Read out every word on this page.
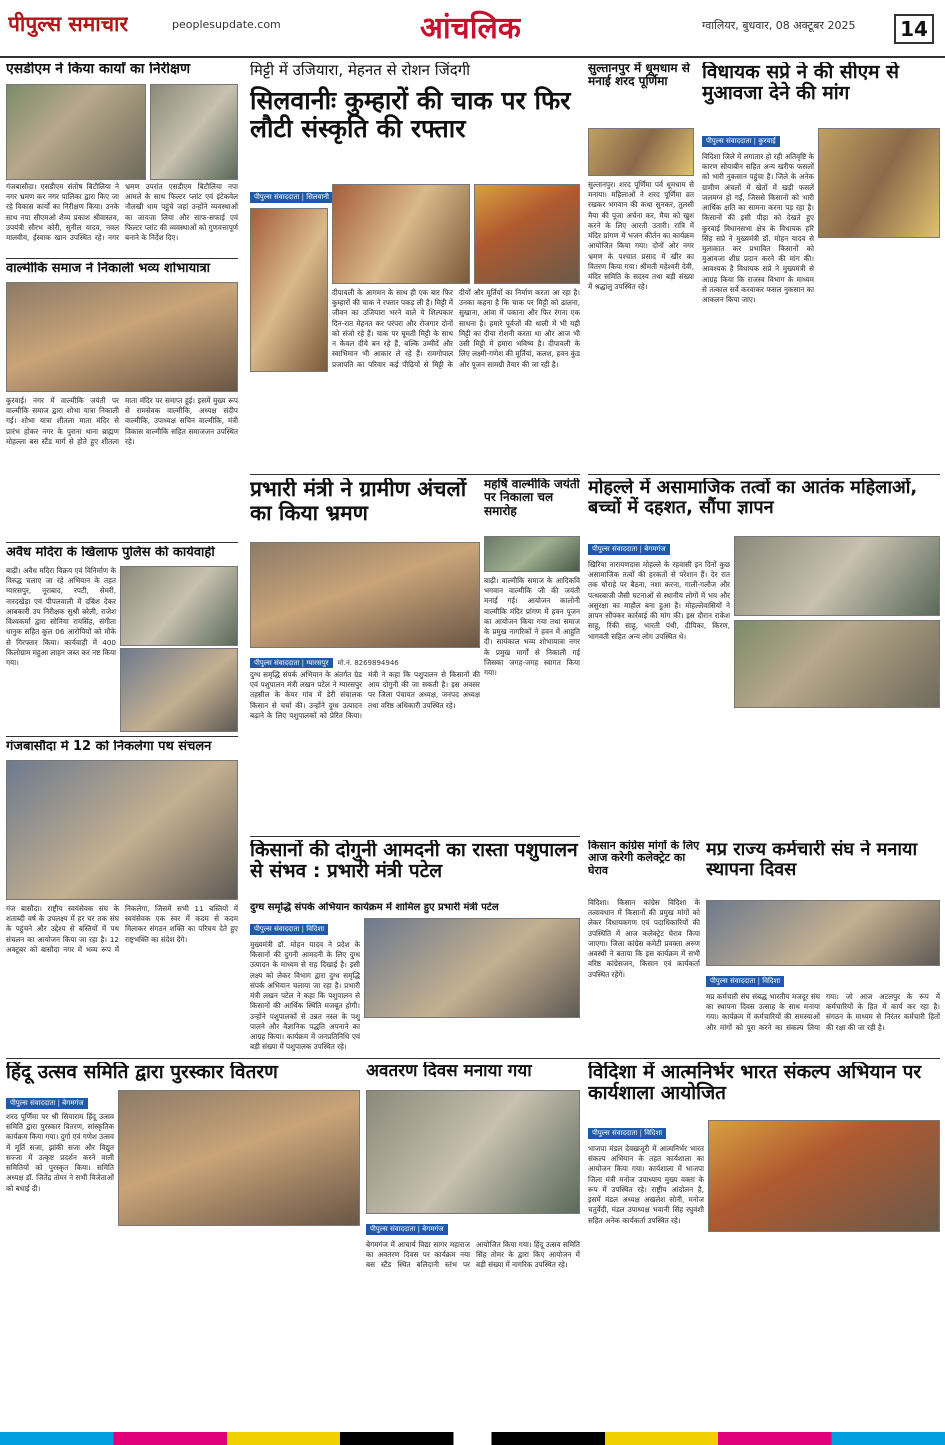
पीपुल्स समाचार	peoplesupdate.com	आंचलिक	ग्वालियर, बुधवार, 08 अक्टूबर 2025	14
एसडीएम ने किया कार्यों का निरीक्षण
गंजबासौदा। एसडीएम संतोष बिटौलिया ने नगर भ्रमण कर नगर पालिका द्वारा किए जा रहे विकास कार्यों का निरीक्षण किया। उनके साथ नपा सीएमओ शैव्य प्रकाश श्रीवास्तव, उपयंत्री सौरभ कोरी, सुनील यादव, नवल मालवीय, ईस्वाक खान उपस्थित रहे। नगर भ्रमण उपरांत एसडीएम बिटौलिया नपा आमले के साथ फिल्टर प्लांट एवं इंटेकवेल नौलखी धाम पहुंचे जहां उन्होंने व्यवस्थाओं का जायजा लिया और साफ-सफाई एवं फिल्टर प्लांट की व्यवस्थाओं को गुणवत्तापूर्ण बनाने के निर्देश दिए।
वाल्मीकि समाज ने निकाली भव्य शोभायात्रा
कुरवाई। नगर में वाल्मीकि जयंती पर वाल्मीकि समाज द्वारा शोभा यात्रा निकाली गई। शोभा यात्रा शीतला माता मंदिर से प्रारंभ होकर नगर के पुराना थाना ब्राह्मण मोहल्ला बस स्टैंड मार्ग से होते हुए शीतला माता मंदिर पर समाप्त हुई। इसमें मुख्य रूप से रामसेवक वाल्मीकि, अध्यक्ष संदीप वाल्मीकि, उपाध्यक्ष सचिन वाल्मीकि, मंत्री विकास वाल्मीकि सहित समाजजन उपस्थित रहे।
अवैध मदिरा के खिलाफ पुलिस की कार्यवाही
बाढ़ी। अवैध मदिरा विक्रय एवं विनिर्माण के विरुद्ध चलाए जा रहे अभियान के तहत ग्यारसपुर, नूराबाद, रपटी, सेमरी, नारदखेड़ा एवं पीपलवाली में दबिश देकर आबकारी उप निरीक्षक सुश्री बरेली, राजेश विश्वकर्मा द्वारा सोनिया रायसिंह, संगीता धानुक सहित कुल 06 आरोपियों को मौके से गिरफ्तार किया। कार्यवाही में 400 किलोग्राम महुआ लाहन जब्त कर नष्ट किया गया।
गंजबासौदा में 12 को निकलेगा पथ संचलन
गंज बासौदा। राष्ट्रीय स्वयंसेवक संघ के शताब्दी वर्ष के उपलक्ष्य में हर घर तक संघ के पहुंचने और उद्देश्य से बस्तियों में पथ संचलन का आयोजन किया जा रहा है। 12 अक्टूबर को बासौदा नगर में भव्य रूप में निकलेगा, जिसमें सभी 11 बस्तियों में स्वयंसेवक एक स्वर में कदम से कदम मिलाकर संगठन शक्ति का परिचय देते हुए राष्ट्रभक्ति का संदेश देंगे।
मिट्टी में उजियारा, मेहनत से रोशन जिंदगी
सिलवानीः कुम्हारों की चाक पर फिर लौटी संस्कृति की रफ्तार
पीपुल्स संवाददाता | सिलवानी

दीपावली के आगमन के साथ ही एक बार फिर कुम्हारों की चाक ने रफ्तार पकड़ ली है। मिट्टी में जीवन का उजियारा भरने वाले ये शिल्पकार दिन-रात मेहनत कर परंपरा और रोजगार दोनों को संजो रहे हैं। चाक पर घूमती मिट्टी के साथ न केवल दीये बन रहे हैं, बल्कि उम्मीदें और स्वाभिमान भी आकार ले रहे हैं। रामगोपाल प्रजापति का परिवार कई पीढ़ियों से मिट्टी के दीयों और मूर्तियों का निर्माण करता आ रहा है। उनका कहना है कि चाक पर मिट्टी को ढालना, सुखाना, आंवा में पकाना और फिर रंगना एक साधना है। हमारे पूर्वजों की थाली में भी यही मिट्टी का दीया रोशनी करता था और आज भी उसी मिट्टी में हमारा भविष्य है। दीपावली के लिए लक्ष्मी-गणेश की मूर्तियां, कलश, हवन कुंड और पूजन सामग्री तैयार की जा रही है।
सुल्तानपुर में धूमधाम से मनाई शरद पूर्णिमा
सुल्तानपुर। शरद पूर्णिमा पर्व धूमधाम से मनाया। महिलाओं ने शरद पूर्णिमा व्रत रखकर भगवान की कथा सुनकर, तुलसी मैया की पूजा अर्चना कर, मैया को खुश करने के लिए आरती उतारी। रात्रि में मंदिर प्रांगण में भजन कीर्तन का कार्यक्रम आयोजित किया गया। दोनों ओर नगर भ्रमण के पश्चात प्रसाद में खीर का वितरण किया गया। श्रीमती महेश्वरी देवी, मंदिर समिति के सदस्य तथा बड़ी संख्या में श्रद्धालु उपस्थित रहे।
विधायक सप्रे ने की सीएम से मुआवजा देने की मांग
पीपुल्स संवाददाता | कुरवाई

विदिशा जिले में लगातार हो रही अतिवृष्टि के कारण सोयाबीन सहित अन्य खरीफ फसलों को भारी नुकसान पहुंचा है। जिले के अनेक ग्रामीण अंचलों में खेतों में खड़ी फसलें जलमग्न हो गईं, जिससे किसानों को भारी आर्थिक क्षति का सामना करना पड़ रहा है। किसानों की इसी पीड़ा को देखते हुए कुरवाई विधानसभा क्षेत्र के विधायक हरि सिंह सप्रे ने मुख्यमंत्री डॉ. मोहन यादव से मुलाकात कर प्रभावित किसानों को मुआवजा शीघ्र प्रदान करने की मांग की। आवश्यक है विधायक सप्रे ने मुख्यमंत्री से आग्रह किया कि राजस्व विभाग के माध्यम से तत्काल सर्वे करवाकर फसल नुकसान का आकलन किया जाए।
प्रभारी मंत्री ने ग्रामीण अंचलों का किया भ्रमण
पीपुल्स संवाददाता | ग्यारसपुर मो.नं. 8269894946
दुग्ध समृद्धि संपर्क अभियान के अंतर्गत ग्रेड एवं पशुपालन मंत्री लखन पटेल ने ग्यारसपुर तहसील के केयर गांव में डेरी संचालक किसान से चर्चा की। उन्होंने दुग्ध उत्पादन बढ़ाने के लिए पशुपालकों को प्रेरित किया। मंत्री ने कहा कि पशुपालन से किसानों की आय दोगुनी की जा सकती है। इस अवसर पर जिला पंचायत अध्यक्ष, जनपद अध्यक्ष तथा वरिष्ठ अधिकारी उपस्थित रहे।
महर्षि वाल्मीकि जयंती पर निकाला चल समारोह
बाढ़ी। वाल्मीकि समाज के आदिकवि भगवान वाल्मीकि जी की जयंती मनाई गई। आयोजन कालोनी वाल्मीकि मंदिर प्रांगण में हवन पूजन का आयोजन किया गया तथा समाज के प्रमुख नागरिकों ने हवन में आहुति दी। सायंकाल भव्य शोभायात्रा नगर के प्रमुख मार्गों से निकाली गई जिसका जगह-जगह स्वागत किया गया।
मोहल्ले में असामाजिक तत्वों का आतंक महिलाओं, बच्चों में दहशत, सौंपा ज्ञापन
पीपुल्स संवाददाता | बेगमगंज

खिरिया नारायणदास मोहल्ले के रहवासी इन दिनों कुछ असामाजिक तत्वों की हरकतों से परेशान हैं। देर रात तक चौराहे पर बैठना, नशा करना, गाली-गलौज और पत्थरबाजी जैसी घटनाओं से स्थानीय लोगों में भय और असुरक्षा का माहौल बना हुआ है। मोहल्लेवासियों ने ज्ञापन सौंपकर कार्रवाई की मांग की। इस दौरान राकेश साहू, रिंकी साहू, भारती पंथी, दीपिका, किरण, भागवती सहित अन्य लोग उपस्थित थे।
किसानों की दोगुनी आमदनी का रास्ता पशुपालन से संभव : प्रभारी मंत्री पटेल
दुग्ध समृद्धि संपर्क अभियान कार्यक्रम में शामिल हुए प्रभारी मंत्री पटेल
पीपुल्स संवाददाता | विदिशा

मुख्यमंत्री डॉ. मोहन यादव ने प्रदेश के किसानों की दुगनी आमदनी के लिए दुग्ध उत्पादन के माध्यम से राह दिखाई है। इसी लक्ष्य को लेकर विभाग द्वारा दुग्ध समृद्धि संपर्क अभियान चलाया जा रहा है। प्रभारी मंत्री लखन पटेल ने कहा कि पशुपालन से किसानों की आर्थिक स्थिति मजबूत होगी। उन्होंने पशुपालकों से उन्नत नस्ल के पशु पालने और वैज्ञानिक पद्धति अपनाने का आग्रह किया। कार्यक्रम में जनप्रतिनिधि एवं बड़ी संख्या में पशुपालक उपस्थित रहे।
किसान कांग्रेस मांगों के लिए आज करेगी कलेक्ट्रेट का घेराव
विदिशा। किसान कांग्रेस विदिशा के तत्वावधान में किसानों की प्रमुख मांगों को लेकर विधायकगण एवं पदाधिकारियों की उपस्थिति में आज कलेक्ट्रेट घेराव किया जाएगा। जिला कांग्रेस कमेटी प्रवक्ता अरुण अवस्थी ने बताया कि इस कार्यक्रम में सभी वरिष्ठ कांग्रेसजन, किसान एवं कार्यकर्ता उपस्थित रहेंगे।
मप्र राज्य कर्मचारी संघ ने मनाया स्थापना दिवस
पीपुल्स संवाददाता | विदिशा

मप्र कर्मचारी संघ संबद्ध भारतीय मजदूर संघ का स्थापना दिवस उत्साह के साथ मनाया गया। कार्यक्रम में कर्मचारियों की समस्याओं और मांगों को पूरा करने का संकल्प लिया गया। जो आज अटलपुर के रूप में कर्मचारियों के हित में कार्य कर रहा है। संगठन के माध्यम से निरंतर कर्मचारी हितों की रक्षा की जा रही है।
हिंदू उत्सव समिति द्वारा पुरस्कार वितरण
पीपुल्स संवाददाता | बेगमगंज

शरद पूर्णिमा पर श्री सियाराम हिंदू उत्सव समिति द्वारा पुरस्कार वितरण, सांस्कृतिक कार्यक्रम किया गया। दुर्गा एवं गणेश उत्सव में मूर्ति सजा, झांकी सजा और विद्युत सज्जा में उत्कृष्ट प्रदर्शन करने वाली समितियों को पुरस्कृत किया। समिति अध्यक्ष डॉ. जितेंद्र तोमर ने सभी विजेताओं को बधाई दी।
अवतरण दिवस मनाया गया
पीपुल्स संवाददाता | बेगमगंज

बेगमगंज में आचार्य विद्या सागर महाराज का अवतरण दिवस पर कार्यक्रम नया बस स्टैंड स्थित बलिदानी स्तंभ पर आयोजित किया गया। हिंदू उत्सव समिति सिंह तोमर के द्वारा किए आयोजन में बड़ी संख्या में नागरिक उपस्थित रहे।
विदिशा में आत्मनिर्भर भारत संकल्प अभियान पर कार्यशाला आयोजित
पीपुल्स संवाददाता | विदिशा

भाजपा मंडल देवखजूरी में आत्मनिर्भर भारत संकल्प अभियान के तहत कार्यशाला का आयोजन किया गया। कार्यशाला में भाजपा जिला मंत्री मनोज उपाध्याय मुख्य वक्ता के रूप में उपस्थित रहे। राष्ट्रीय आंदोलन है, इसमें मंडल अध्यक्ष अखलेश सोनी, मनोज चतुर्वेदी, मंडल उपाध्यक्ष भवानी सिंह रघुवंशी सहित अनेक कार्यकर्ता उपस्थित रहे।
